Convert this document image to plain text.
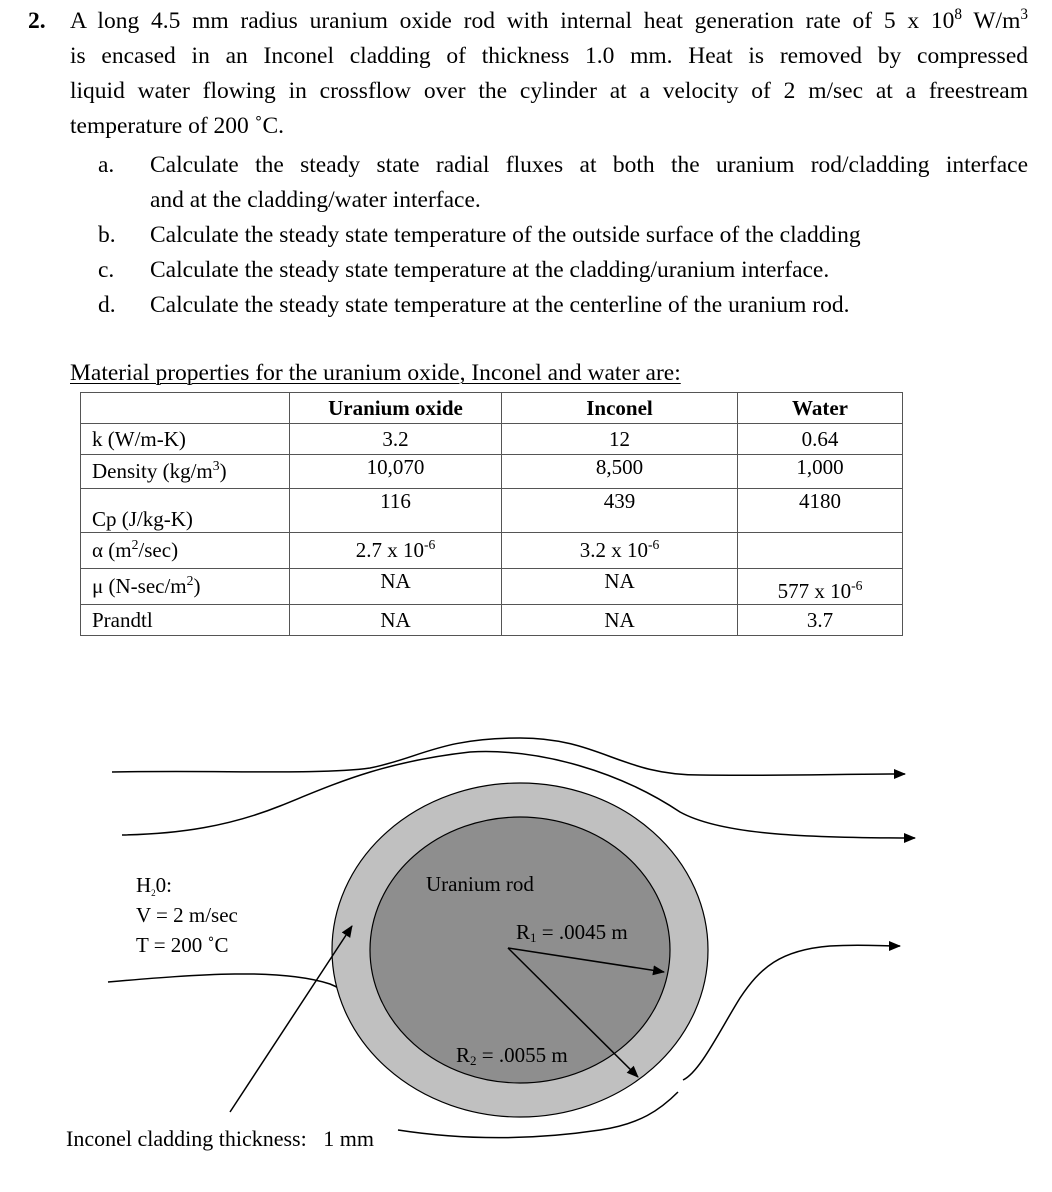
2. A long 4.5 mm radius uranium oxide rod with internal heat generation rate of 5 x $10^8$ $W/m^3$
is encased in an Inconel cladding of thickness 1.0 mm. Heat is removed by compressed
liquid water flowing in crossflow over the cylinder at a velocity of 2 m/sec at a freestream
temperature of 200 ˚C.
a. Calculate the steady state radial fluxes at both the uranium rod/cladding interface
and at the cladding/water interface.
b. Calculate the steady state temperature of the outside surface of the cladding
c. Calculate the steady state temperature at the cladding/uranium interface.
d. Calculate the steady state temperature at the centerline of the uranium rod.
Material properties for the uranium oxide, Inconel and water are:
	Uranium oxide	Inconel	Water
k (W/m-K)	3.2	12	0.64
Density $(kg/m^3)$	10,070	8,500	1,000
Cp (J/kg-K)	116	439	4180
α $(m^2/\sec)$	2.7 x $10^{-6}$	3.2 x $10^{-6}$	
μ $(N-\sec/m^2)$	NA	NA	577 x $10^{-6}$
Prandtl	NA	NA	3.7
H20:
V = 2 m/sec
T = 200 ˚C
Uranium rod
R1 = .0045 m
R2 = .0055 m
Inconel cladding thickness:   1 mm
